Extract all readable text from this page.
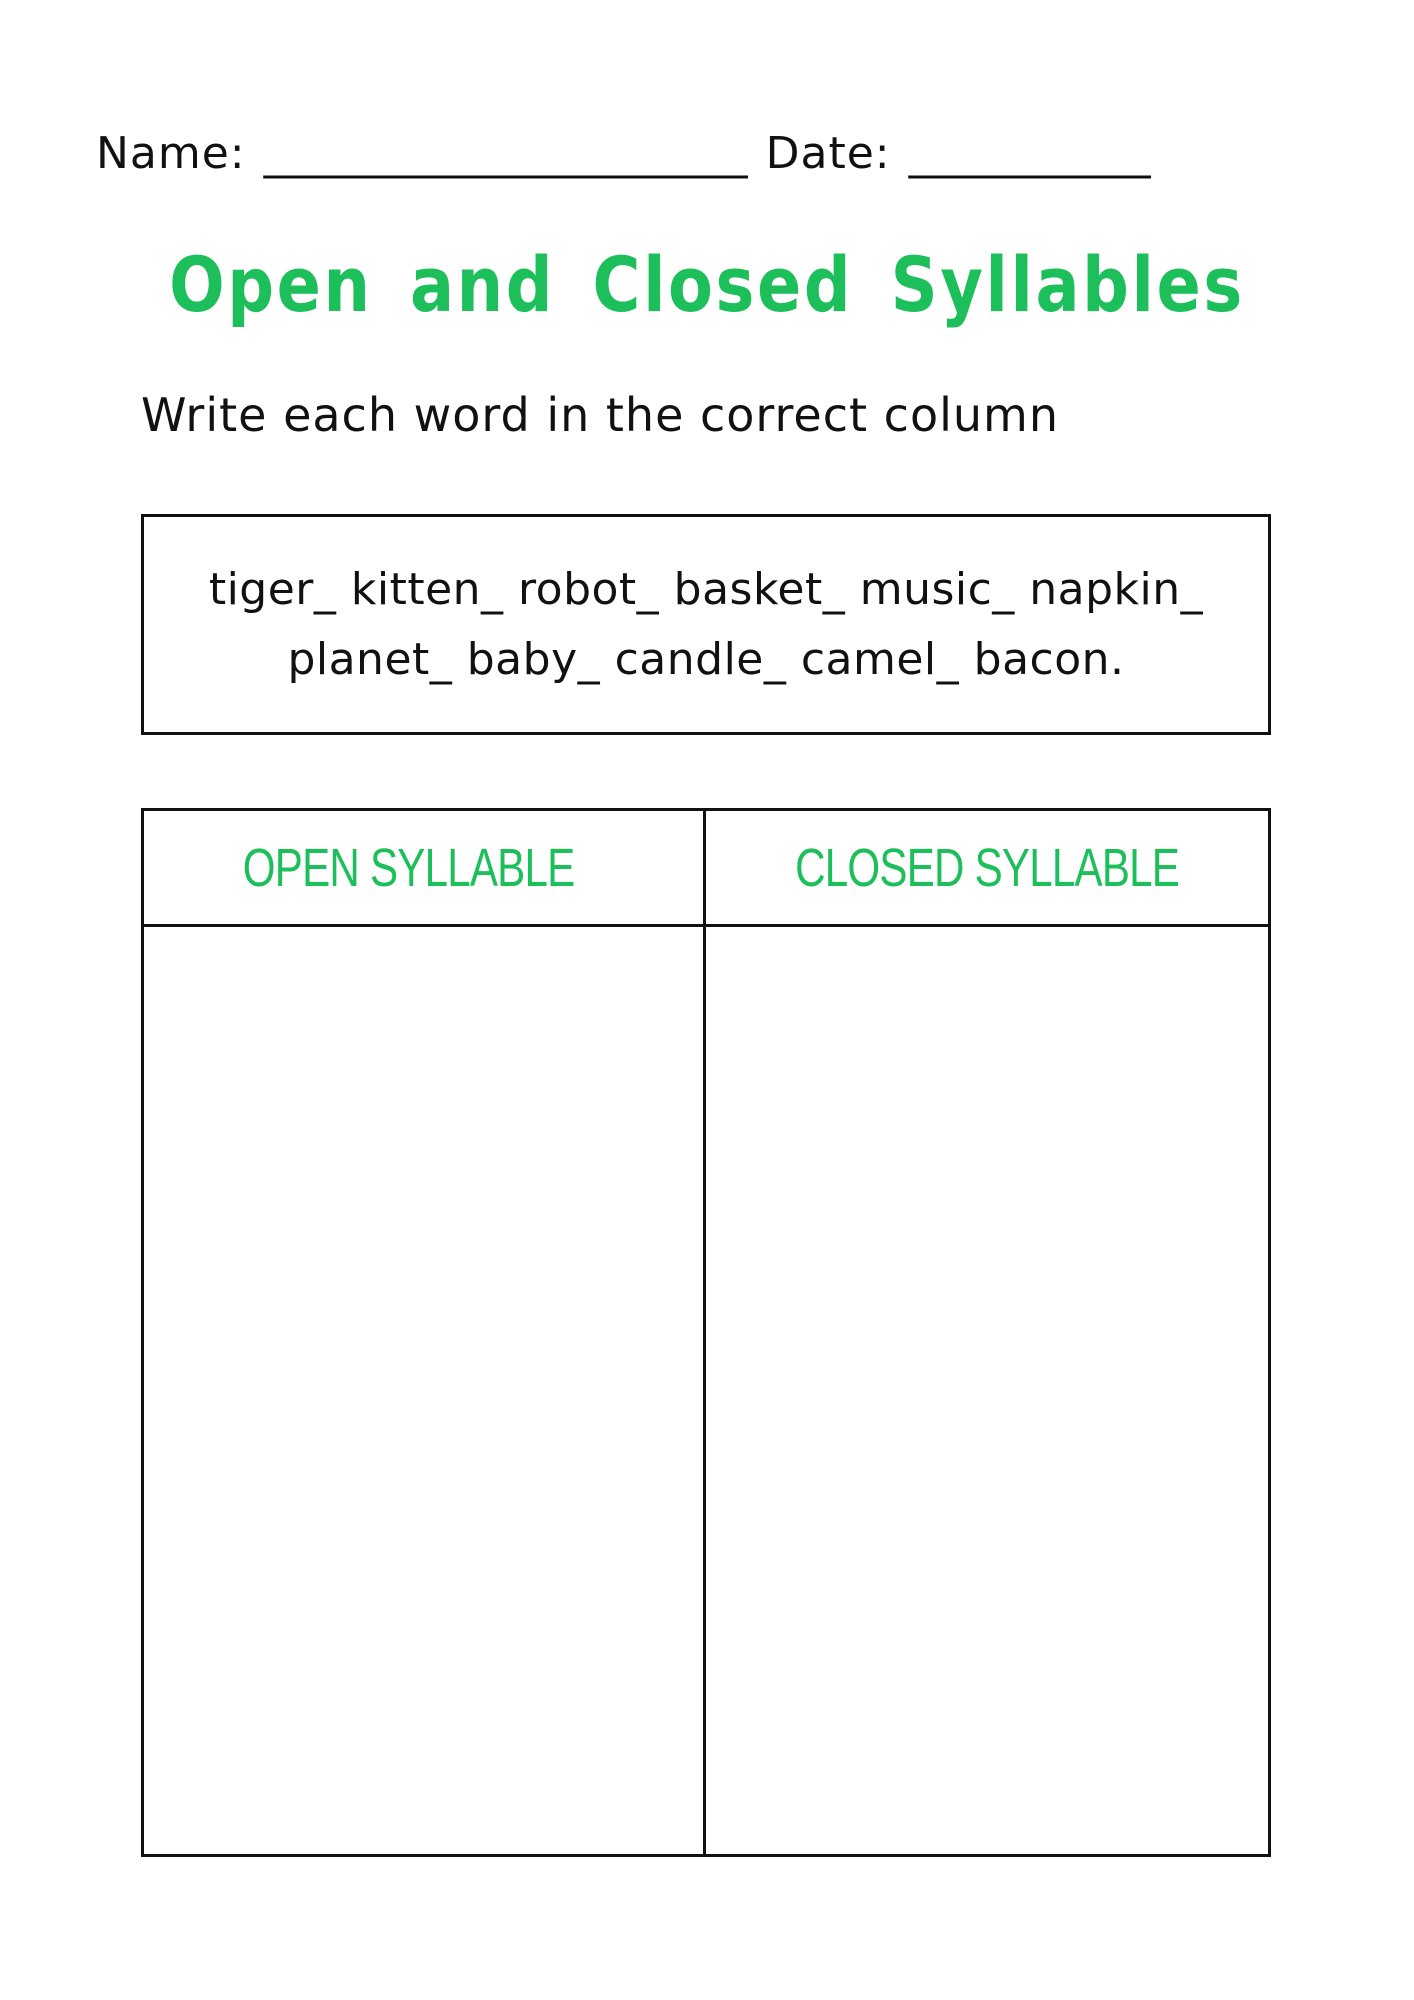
Name: ______________________ Date: ___________
Open and Closed Syllables

Write each word in the correct column

tiger_ kitten_ robot_ basket_ music_ napkin_
planet_ baby_ candle_ camel_ bacon.
OPEN SYLLABLE	CLOSED SYLLABLE
